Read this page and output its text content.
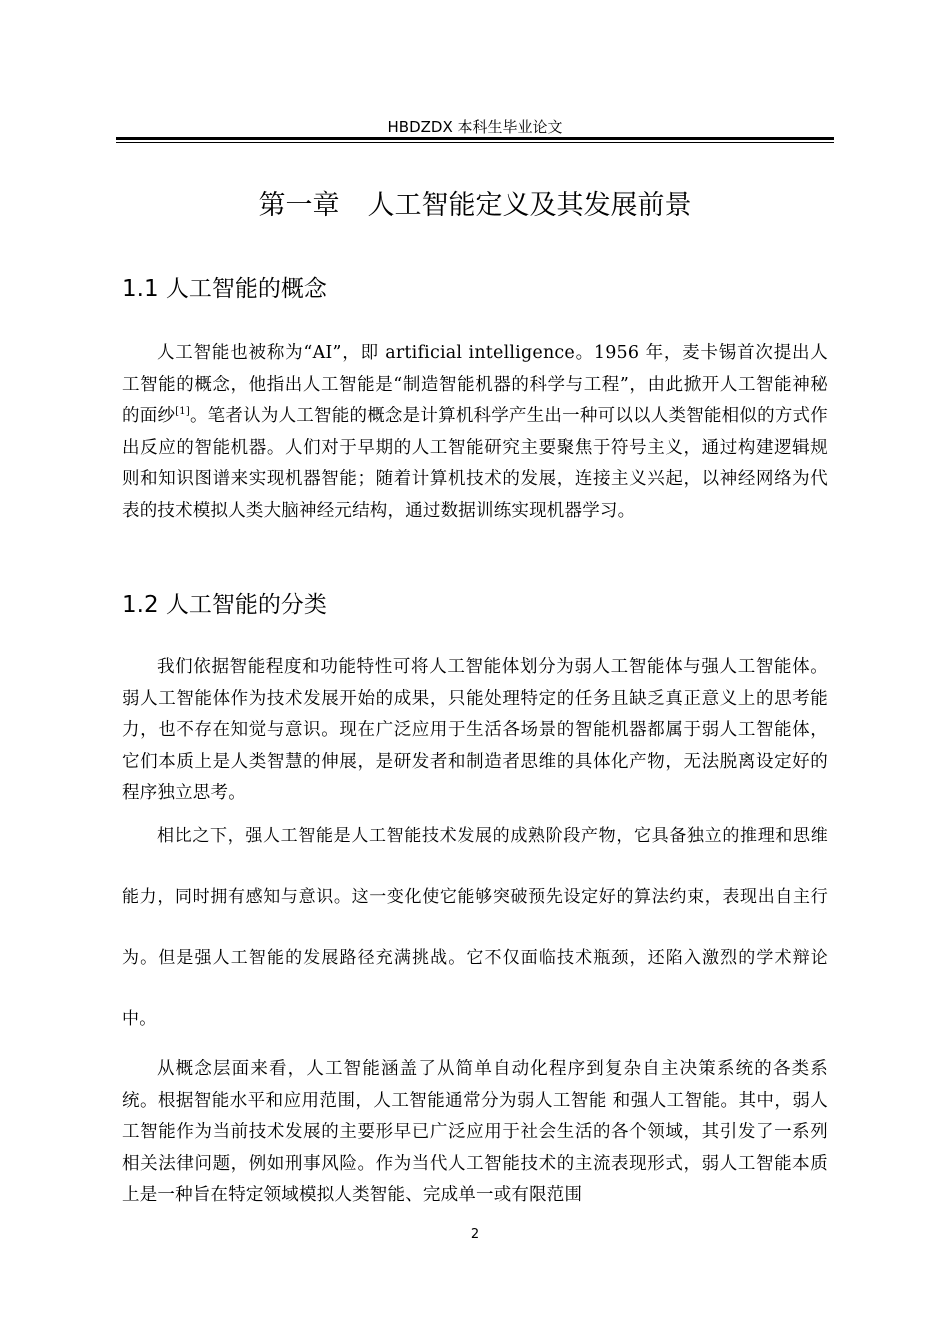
HBDZDX 本科生毕业论文
第一章 人工智能定义及其发展前景
1.1 人工智能的概念

人工智能也被称为“AI”，即 artificial intelligence。1956 年，麦卡锡首次提出人工智能的概念，他指出人工智能是“制造智能机器的科学与工程”，由此掀开人工智能神秘的面纱[1]。笔者认为人工智能的概念是计算机科学产生出一种可以以人类智能相似的方式作出反应的智能机器。人们对于早期的人工智能研究主要聚焦于符号主义，通过构建逻辑规则和知识图谱来实现机器智能；随着计算机技术的发展，连接主义兴起，以神经网络为代表的技术模拟人类大脑神经元结构，通过数据训练实现机器学习。

1.2 人工智能的分类

我们依据智能程度和功能特性可将人工智能体划分为弱人工智能体与强人工智能体。弱人工智能体作为技术发展开始的成果，只能处理特定的任务且缺乏真正意义上的思考能力，也不存在知觉与意识。现在广泛应用于生活各场景的智能机器都属于弱人工智能体，它们本质上是人类智慧的伸展，是研发者和制造者思维的具体化产物，无法脱离设定好的程序独立思考。

相比之下，强人工智能是人工智能技术发展的成熟阶段产物，它具备独立的推理和思维能力，同时拥有感知与意识。这一变化使它能够突破预先设定好的算法约束，表现出自主行为。但是强人工智能的发展路径充满挑战。它不仅面临技术瓶颈，还陷入激烈的学术辩论中。

从概念层面来看，人工智能涵盖了从简单自动化程序到复杂自主决策系统的各类系统。根据智能水平和应用范围，人工智能通常分为弱人工智能 和强人工智能。其中，弱人工智能作为当前技术发展的主要形早已广泛应用于社会生活的各个领域，其引发了一系列相关法律问题，例如刑事风险。作为当代人工智能技术的主流表现形式，弱人工智能本质上是一种旨在特定领域模拟人类智能、完成单一或有限范围

2
